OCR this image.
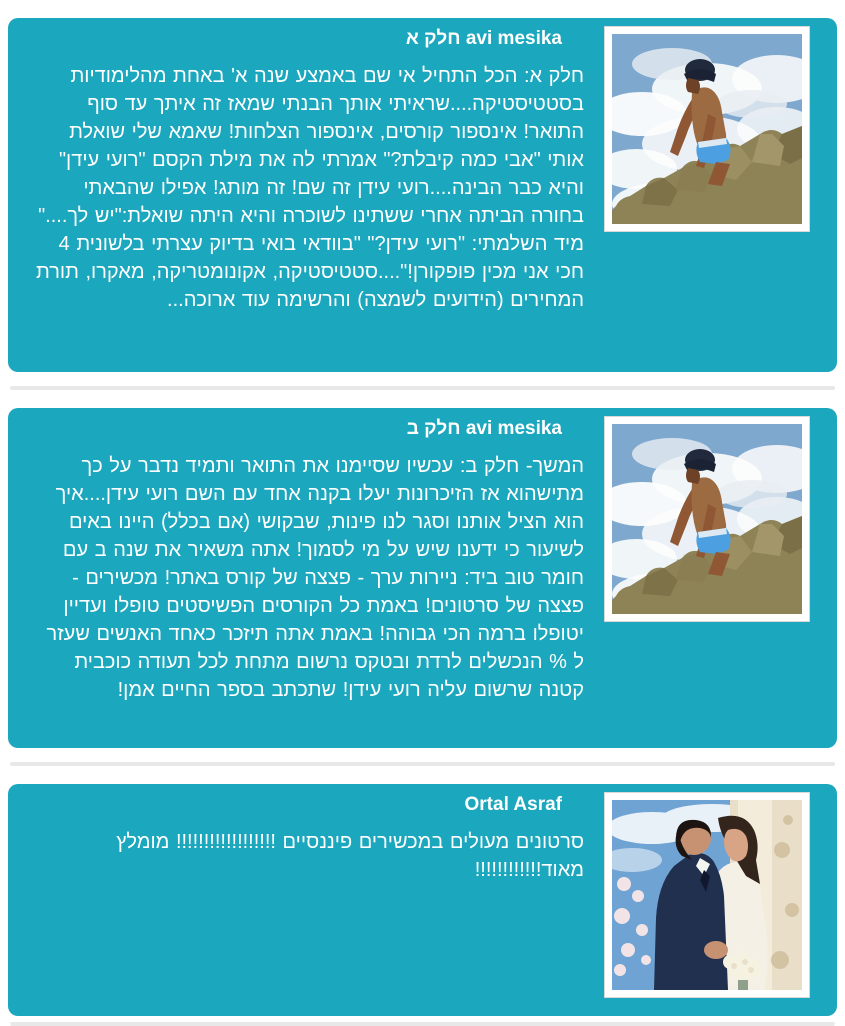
avi mesika חלק א
חלק א: הכל התחיל אי שם באמצע שנה א' באחת מהלימודיות בסטטיסטיקה....שראיתי אותך הבנתי שמאז זה איתך עד סוף התואר! אינספור קורסים, אינספור הצלחות! שאמא שלי שואלת אותי "אבי כמה קיבלת?" אמרתי לה את מילת הקסם "רועי עידן" והיא כבר הבינה....רועי עידן זה שם! זה מותג! אפילו שהבאתי בחורה הביתה אחרי ששתינו לשוכרה והיא היתה שואלת:"יש לך...." מיד השלמתי: "רועי עידן?" "בוודאי בואי בדיוק עצרתי בלשונית 4 חכי אני מכין פופקורן!"....סטטיסטיקה, אקונומטריקה, מאקרו, תורת המחירים (הידועים לשמצה) והרשימה עוד ארוכה...
avi mesika חלק ב
המשך- חלק ב: עכשיו שסיימנו את התואר ותמיד נדבר על כך מתישהוא אז הזיכרונות יעלו בקנה אחד עם השם רועי עידן....איך הוא הציל אותנו וסגר לנו פינות, שבקושי (אם בכלל) היינו באים לשיעור כי ידענו שיש על מי לסמוך! אתה משאיר את שנה ב עם חומר טוב ביד: ניירות ערך - פצצה של קורס באתר! מכשירים - פצצה של סרטונים! באמת כל הקורסים הפשיסטים טופלו ועדיין יטופלו ברמה הכי גבוהה! באמת אתה תיזכר כאחד האנשים שעזר ל % הנכשלים לרדת ובטקס נרשום מתחת לכל תעודה כוכבית קטנה שרשום עליה רועי עידן! שתכתב בספר החיים אמן!
Ortal Asraf
סרטונים מעולים במכשירים פיננסיים !!!!!!!!!!!!!!!!!! מומלץ מאוד!!!!!!!!!!!!
